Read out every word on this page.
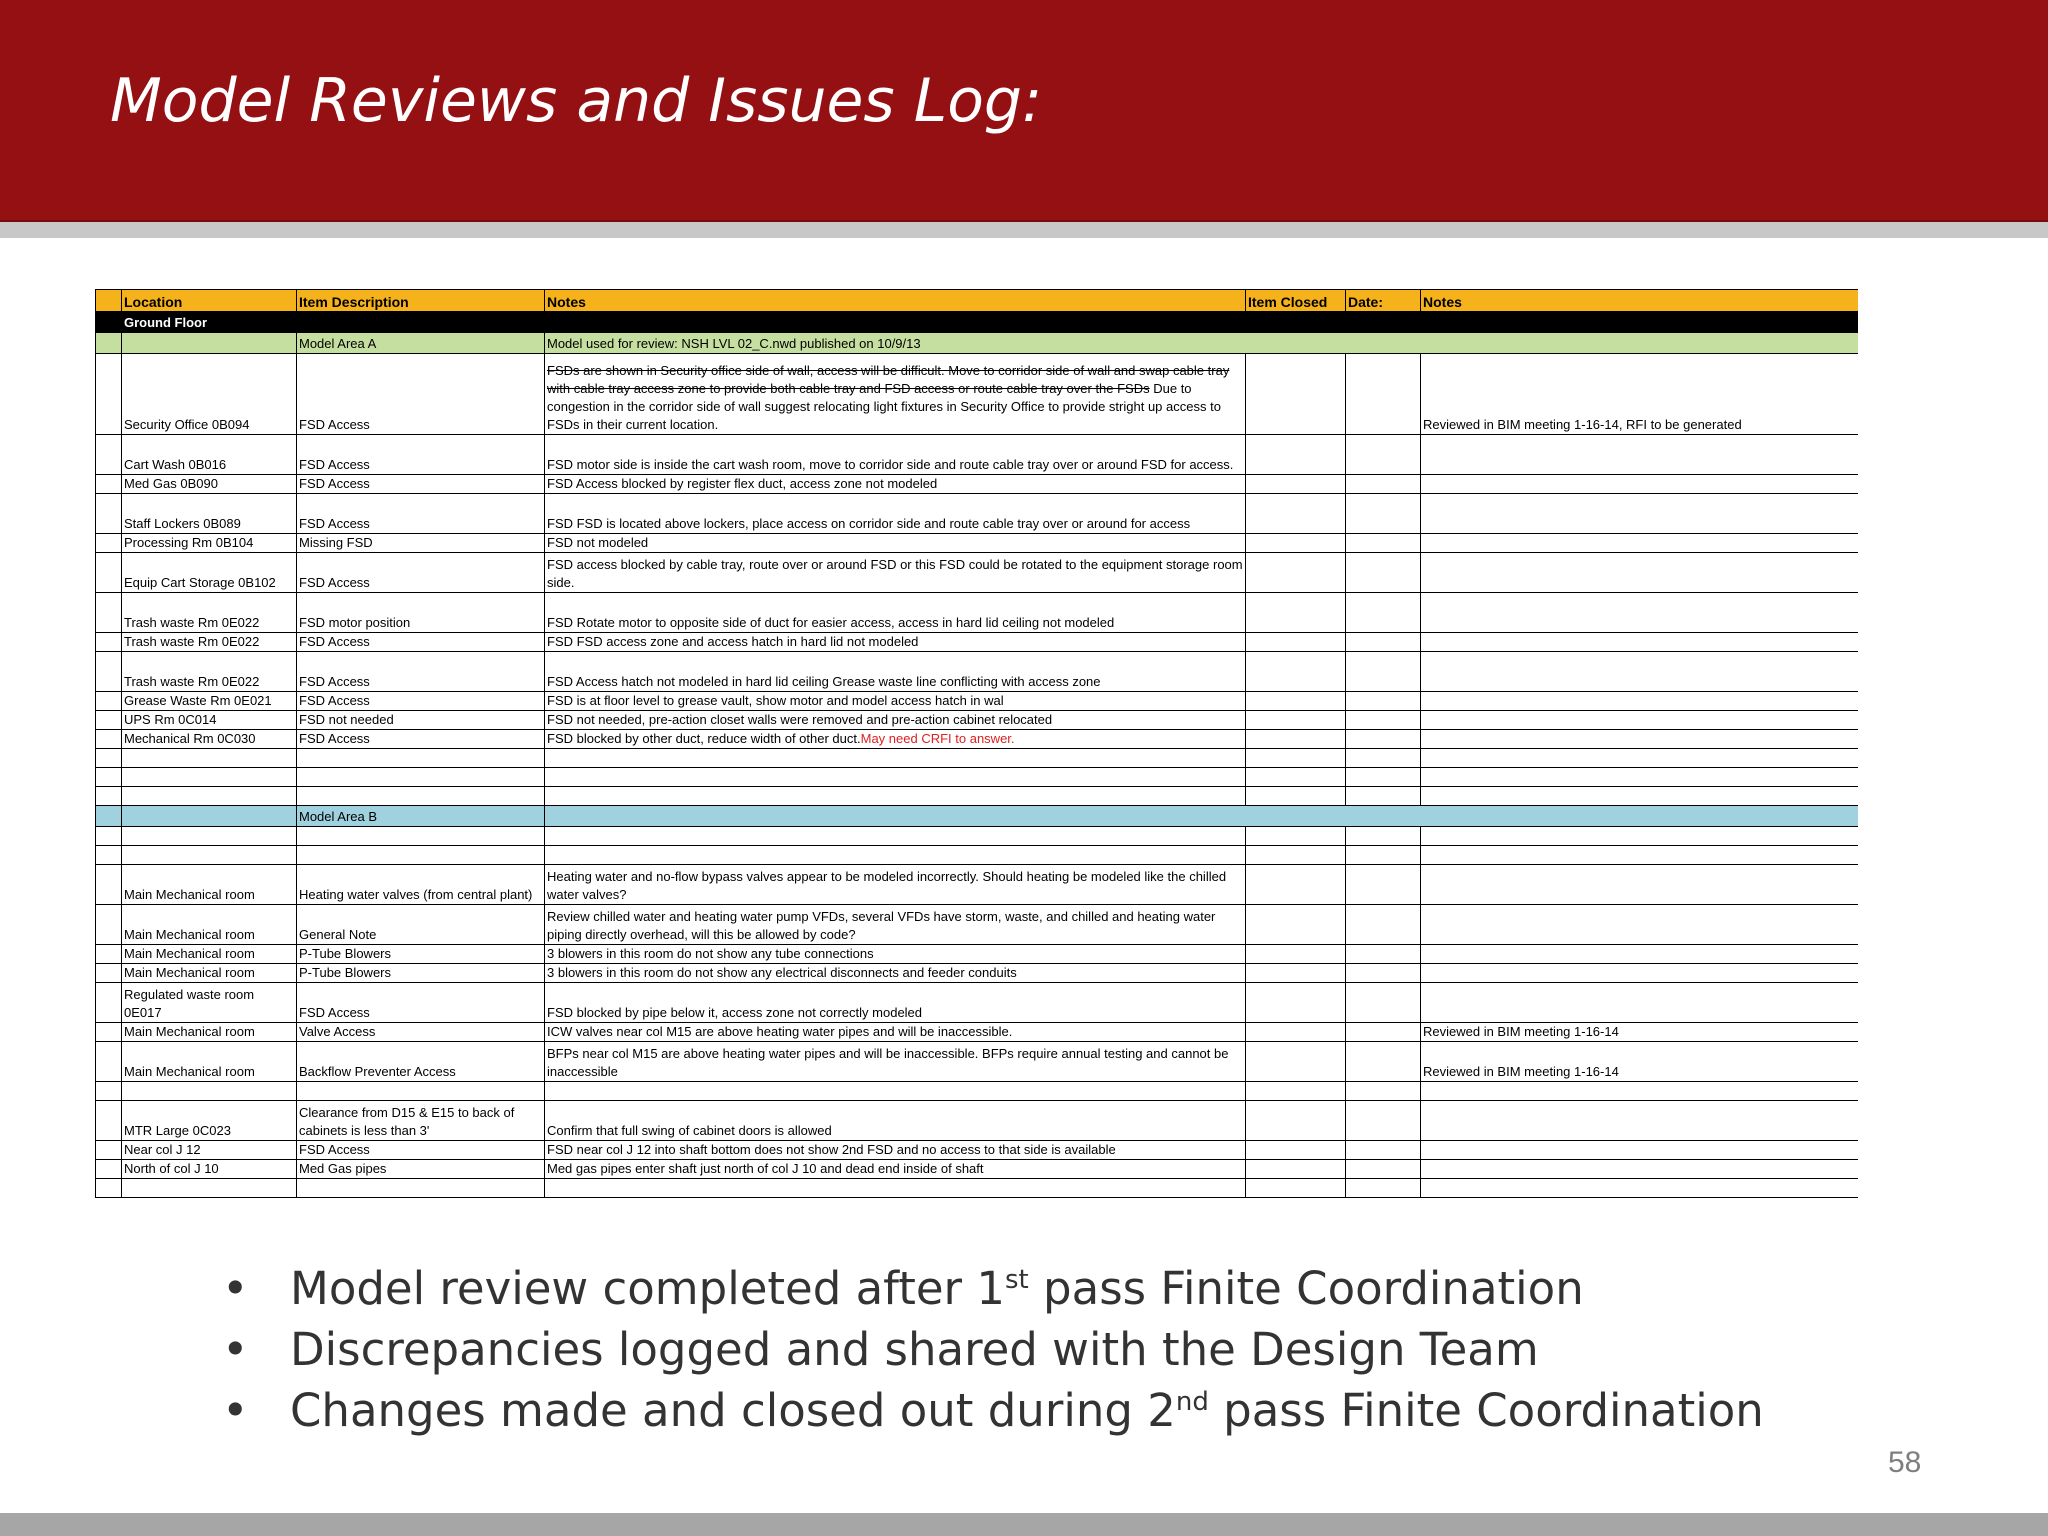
Model Reviews and Issues Log:
	Location	Item Description	Notes	Item Closed	Date:	Notes
	Ground Floor					
		Model Area A	Model used for review: NSH LVL 02_C.nwd published on 10/9/13			
	Security Office 0B094	FSD Access	FSDs are shown in Security office side of wall, access will be difficult. Move to corridor side of wall and swap cable tray with cable tray access zone to provide both cable tray and FSD access or route cable tray over the FSDs Due to congestion in the corridor side of wall suggest relocating light fixtures in Security Office to provide stright up access to FSDs in their current location.			Reviewed in BIM meeting 1-16-14, RFI to be generated
	Cart Wash 0B016	FSD Access	FSD motor side is inside the cart wash room, move to corridor side and route cable tray over or around FSD for access.			
	Med Gas 0B090	FSD Access	FSD Access blocked by register flex duct, access zone not modeled			
	Staff Lockers 0B089	FSD Access	FSD FSD is located above lockers, place access on corridor side and route cable tray over or around for access			
	Processing Rm 0B104	Missing FSD	FSD not modeled			
	Equip Cart Storage 0B102	FSD Access	FSD access blocked by cable tray, route over or around FSD or this FSD could be rotated to the equipment storage room side.			
	Trash waste Rm 0E022	FSD motor position	FSD Rotate motor to opposite side of duct for easier access, access in hard lid ceiling not modeled			
	Trash waste Rm 0E022	FSD Access	FSD FSD access zone and access hatch in hard lid not modeled			
	Trash waste Rm 0E022	FSD Access	FSD Access hatch not modeled in hard lid ceiling Grease waste line conflicting with access zone			
	Grease Waste Rm 0E021	FSD Access	FSD is at floor level to grease vault, show motor and model access hatch in wal			
	UPS Rm 0C014	FSD not needed	FSD not needed, pre-action closet walls were removed and pre-action cabinet relocated			
	Mechanical Rm 0C030	FSD Access	FSD blocked by other duct, reduce width of other duct.May need CRFI to answer.			

		Model Area B				

	Main Mechanical room	Heating water valves (from central plant)	Heating water and no-flow bypass valves appear to be modeled incorrectly. Should heating be modeled like the chilled water valves?			
	Main Mechanical room	General Note	Review chilled water and heating water pump VFDs, several VFDs have storm, waste, and chilled and heating water piping directly overhead, will this be allowed by code?			
	Main Mechanical room	P-Tube Blowers	3 blowers in this room do not show any tube connections			
	Main Mechanical room	P-Tube Blowers	3 blowers in this room do not show any electrical disconnects and feeder conduits			
	Regulated waste room 0E017	FSD Access	FSD blocked by pipe below it, access zone not correctly modeled			
	Main Mechanical room	Valve Access	ICW valves near col M15 are above heating water pipes and will be inaccessible.			Reviewed in BIM meeting 1-16-14
	Main Mechanical room	Backflow Preventer Access	BFPs near col M15 are above heating water pipes and will be inaccessible. BFPs require annual testing and cannot be inaccessible			Reviewed in BIM meeting 1-16-14

	MTR Large 0C023	Clearance from D15 & E15 to back of cabinets is less than 3'	Confirm that full swing of cabinet doors is allowed			
	Near col J 12	FSD Access	FSD near col J 12 into shaft bottom does not show 2nd FSD and no access to that side is available			
	North of col J 10	Med Gas pipes	Med gas pipes enter shaft just north of col J 10 and dead end inside of shaft			

• Model review completed after 1st pass Finite Coordination
• Discrepancies logged and shared with the Design Team
• Changes made and closed out during 2nd pass Finite Coordination
58
